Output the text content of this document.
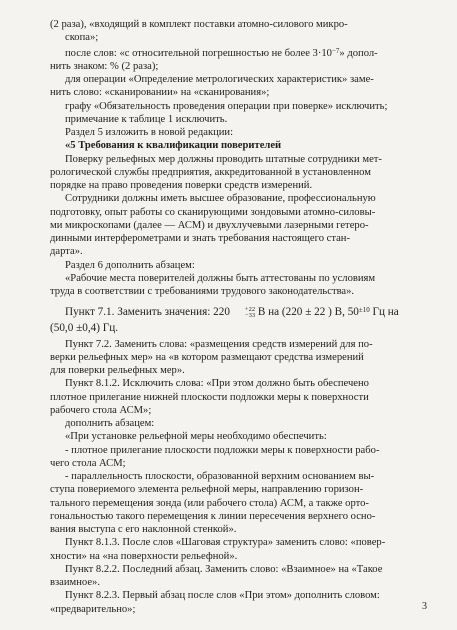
(2 раза), «входящий в комплект поставки атомно-силового микро-

скопа»;

после слов: «с относительной погрешностью не более $3\cdot 10^{-7}$» допол-

нить знаком: % (2 раза);

для операции «Определение метрологических характеристик» заме-

нить слово: «сканировании» на «сканирования»;

графу «Обязательность проведения операции при поверке» исключить;

примечание к таблице 1 исключить.

Раздел 5 изложить в новой редакции:

«5 Требования к квалификации поверителей

Поверку рельефных мер должны проводить штатные сотрудники мет-

рологической службы предприятия, аккредитованной в установленном

порядке на право проведения поверки средств измерений.

Сотрудники должны иметь высшее образование, профессиональную

подготовку, опыт работы со сканирующими зондовыми атомно-силовы-

ми микроскопами (далее — АСМ) и двухлучевыми лазерными гетеро-

динными интерферометрами и знать требования настоящего стан-

дарта».

Раздел 6 дополнить абзацем:

«Рабочие места поверителей должны быть аттестованы по условиям

труда в соответствии с требованиями трудового законодательства».

Пункт 7.1. Заменить значения: 220	+22
−33 В на (220 ± 22 ) В, $50^{\pm 10}$ Гц на

(50,0 ±0,4) Гц.

Пункт 7.2. Заменить слова: «размещения средств измерений для по-

верки рельефных мер» на «в котором размещают средства измерений

для поверки рельефных мер».

Пункт 8.1.2. Исключить слова: «При этом должно быть обеспечено

плотное прилегание нижней плоскости подложки меры к поверхности

рабочего стола АСМ»;

дополнить абзацем:

«При установке рельефной меры необходимо обеспечить:

- плотное прилегание плоскости подложки меры к поверхности рабо-

чего стола АСМ;

- параллельность плоскости, образованной верхним основанием вы-

ступа повериемого элемента рельефной меры, направлению горизон-

тального перемещения зонда (или рабочего стола) АСМ, а также орто-

гональностью такого перемещения к линии пересечения верхнего осно-

вания выступа с его наклонной стенкой».

Пункт 8.1.3. После слов «Шаговая структура» заменить слово: «повер-

хности» на «на поверхности рельефной».

Пункт 8.2.2. Последний абзац. Заменить слово: «Взаимное» на «Такое

взаимное».

Пункт 8.2.3. Первый абзац после слов «При этом» дополнить словом:

«предварительно»;	3
